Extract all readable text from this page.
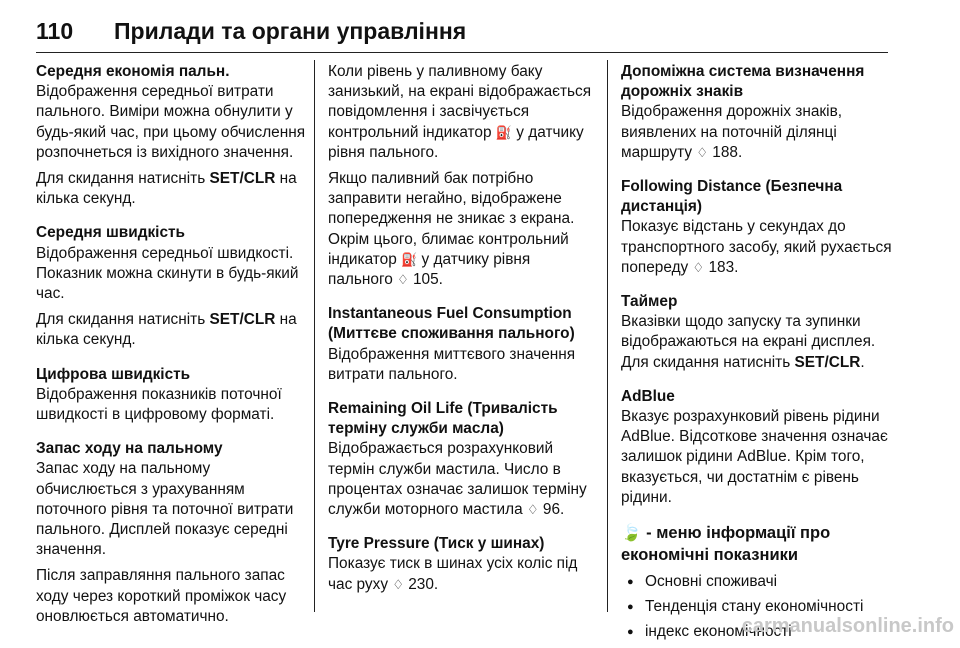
110 Прилади та органи управління

Середня економія пальн.

Відображення середньої витрати пального. Виміри можна обнулити у будь-який час, при цьому обчислення розпочнеться із вихідного значення.

Для скидання натисніть SET/CLR на кілька секунд.

Середня швидкість

Відображення середньої швидкості. Показник можна скинути в будь-який час.

Для скидання натисніть SET/CLR на кілька секунд.

Цифрова швидкість

Відображення показників поточної швидкості в цифровому форматі.

Запас ходу на пальному

Запас ходу на пальному обчислюється з урахуванням поточного рівня та поточної витрати пального. Дисплей показує середні значення.

Після заправляння пального запас ходу через короткий проміжок часу оновлюється автоматично.

Коли рівень у паливному баку занизький, на екрані відображається повідомлення і засвічується контрольний індикатор ⛽ у датчику рівня пального.

Якщо паливний бак потрібно заправити негайно, відображене попередження не зникає з екрана. Окрім цього, блимає контрольний індикатор ⛽ у датчику рівня пального ♢ 105.

Instantaneous Fuel Consumption (Миттєве споживання пального)

Відображення миттєвого значення витрати пального.

Remaining Oil Life (Тривалість терміну служби масла)

Відображається розрахунковий термін служби мастила. Число в процентах означає залишок терміну служби моторного мастила ♢ 96.

Tyre Pressure (Тиск у шинах)

Показує тиск в шинах усіх коліс під час руху ♢ 230.

Допоміжна система визначення дорожніх знаків

Відображення дорожніх знаків, виявлених на поточній ділянці маршруту ♢ 188.

Following Distance (Безпечна дистанція)

Показує відстань у секундах до транспортного засобу, який рухається попереду ♢ 183.

Таймер

Вказівки щодо запуску та зупинки відображаються на екрані дисплея. Для скидання натисніть SET/CLR.

AdBlue

Вказує розрахунковий рівень рідини AdBlue. Відсоткове значення означає залишок рідини AdBlue. Крім того, вказується, чи достатнім є рівень рідини.

🍃 - меню інформації про економічні показники

● Основні споживачі
● Тенденція стану економічності
● індекс економічності
carmanualsonline.info
